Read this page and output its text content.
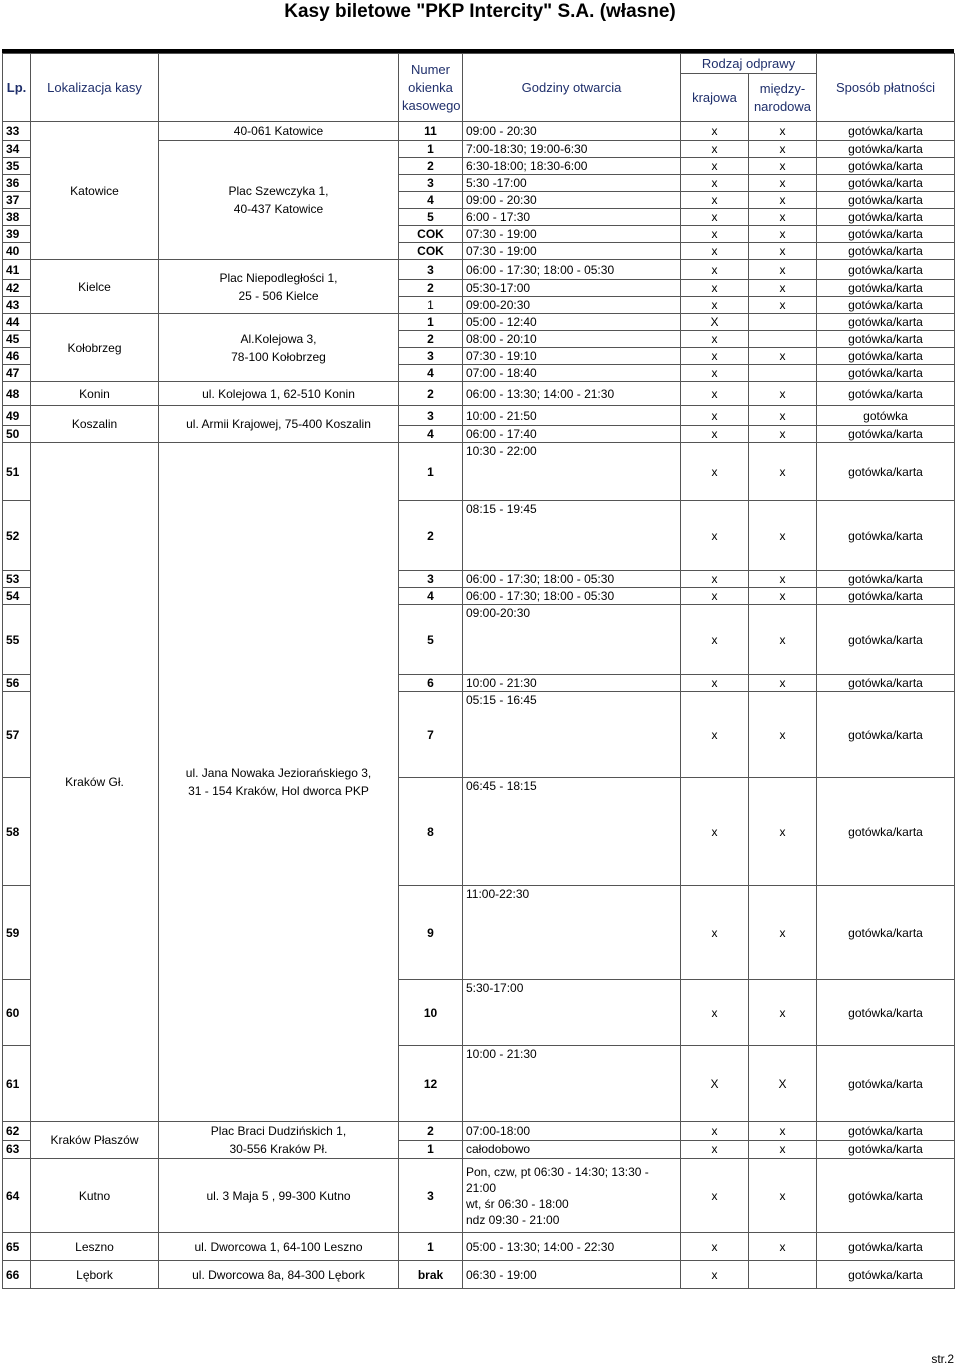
Kasy biletowe "PKP Intercity" S.A. (własne)
Lp.	Lokalizacja kasy		Numer okienka kasowego	Godziny otwarcia	Rodzaj odprawy		Sposób płatności
					krajowa	między-narodowa	

33	Katowice	40-061 Katowice	11	09:00 - 20:30	x	x	gotówka/karta
34		Plac Szewczyka 1,
40-437 Katowice	1	7:00-18:30; 19:00-6:30	x	x	gotówka/karta
35			2	6:30-18:00; 18:30-6:00	x	x	gotówka/karta
36			3	5:30 -17:00	x	x	gotówka/karta
37			4	09:00 - 20:30	x	x	gotówka/karta
38			5	6:00 - 17:30	x	x	gotówka/karta
39			COK	07:30 - 19:00	x	x	gotówka/karta
40			COK	07:30 - 19:00	x	x	gotówka/karta
41	Kielce	Plac Niepodległości 1,
25 - 506 Kielce	3	06:00 - 17:30; 18:00 - 05:30	x	x	gotówka/karta
42			2	05:30-17:00	x	x	gotówka/karta
43			1	09:00-20:30	x	x	gotówka/karta
44	Kołobrzeg	Al.Kolejowa 3,
78-100 Kołobrzeg	1	05:00 - 12:40	X		gotówka/karta
45			2	08:00 - 20:10	x		gotówka/karta
46			3	07:30 - 19:10	x	x	gotówka/karta
47			4	07:00 - 18:40	x		gotówka/karta
48	Konin	ul. Kolejowa 1, 62-510 Konin	2	06:00 - 13:30; 14:00 - 21:30	x	x	gotówka/karta
49	Koszalin	ul. Armii Krajowej, 75-400 Koszalin	3	10:00 - 21:50	x	x	gotówka
50			4	06:00 - 17:40	x	x	gotówka/karta
51	Kraków Gł.	ul. Jana Nowaka Jeziorańskiego 3,
31 - 154 Kraków, Hol dworca PKP	1	10:30 - 22:00	x	x	gotówka/karta
52			2	08:15 - 19:45	x	x	gotówka/karta
53			3	06:00 - 17:30; 18:00 - 05:30	x	x	gotówka/karta
54			4	06:00 - 17:30; 18:00 - 05:30	x	x	gotówka/karta
55			5	09:00-20:30	x	x	gotówka/karta
56			6	10:00 - 21:30	x	x	gotówka/karta
57			7	05:15 - 16:45	x	x	gotówka/karta
58			8	06:45 - 18:15	x	x	gotówka/karta
59			9	11:00-22:30	x	x	gotówka/karta
60			10	5:30-17:00	x	x	gotówka/karta
61			12	10:00 - 21:30	X	X	gotówka/karta
62	Kraków Płaszów	Plac Braci Dudzińskich 1,
30-556 Kraków Pł.	2	07:00-18:00	x	x	gotówka/karta
63			1	całodobowo	x	x	gotówka/karta
64	Kutno	ul. 3 Maja 5 , 99-300 Kutno	3	Pon, czw, pt 06:30 - 14:30; 13:30 - 21:00
wt, śr 06:30 - 18:00
ndz 09:30 - 21:00	x	x	gotówka/karta
65	Leszno	ul. Dworcowa 1, 64-100 Leszno	1	05:00 - 13:30; 14:00 - 22:30	x	x	gotówka/karta
66	Lębork	ul. Dworcowa 8a, 84-300 Lębork	brak	06:30 - 19:00	x		gotówka/karta
str.2
